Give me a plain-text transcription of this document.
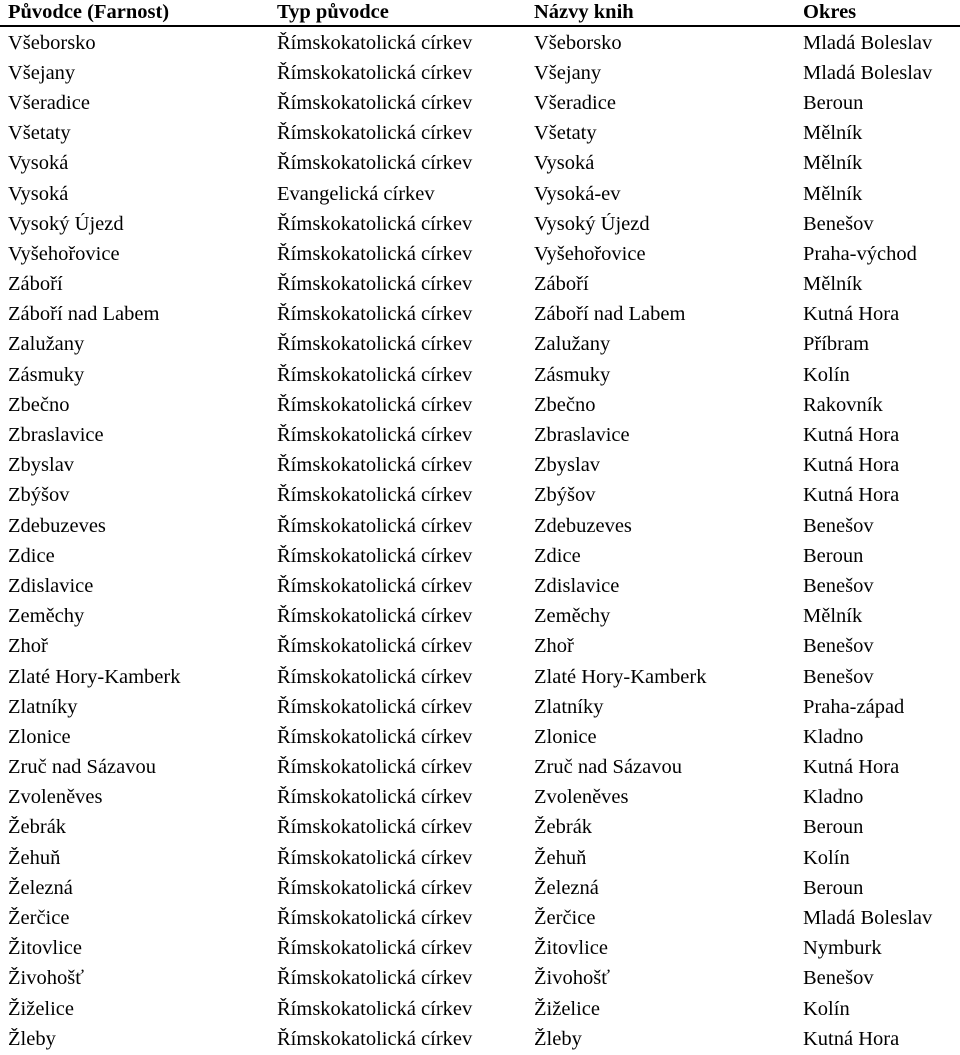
Původce (Farnost)	Typ původce	Názvy knih	Okres
Všeborsko	Římskokatolická církev	Všeborsko	Mladá Boleslav
Všejany	Římskokatolická církev	Všejany	Mladá Boleslav
Všeradice	Římskokatolická církev	Všeradice	Beroun
Všetaty	Římskokatolická církev	Všetaty	Mělník
Vysoká	Římskokatolická církev	Vysoká	Mělník
Vysoká	Evangelická církev	Vysoká-ev	Mělník
Vysoký Újezd	Římskokatolická církev	Vysoký Újezd	Benešov
Vyšehořovice	Římskokatolická církev	Vyšehořovice	Praha-východ
Záboří	Římskokatolická církev	Záboří	Mělník
Záboří nad Labem	Římskokatolická církev	Záboří nad Labem	Kutná Hora
Zalužany	Římskokatolická církev	Zalužany	Příbram
Zásmuky	Římskokatolická církev	Zásmuky	Kolín
Zbečno	Římskokatolická církev	Zbečno	Rakovník
Zbraslavice	Římskokatolická církev	Zbraslavice	Kutná Hora
Zbyslav	Římskokatolická církev	Zbyslav	Kutná Hora
Zbýšov	Římskokatolická církev	Zbýšov	Kutná Hora
Zdebuzeves	Římskokatolická církev	Zdebuzeves	Benešov
Zdice	Římskokatolická církev	Zdice	Beroun
Zdislavice	Římskokatolická církev	Zdislavice	Benešov
Zeměchy	Římskokatolická církev	Zeměchy	Mělník
Zhoř	Římskokatolická církev	Zhoř	Benešov
Zlaté Hory-Kamberk	Římskokatolická církev	Zlaté Hory-Kamberk	Benešov
Zlatníky	Římskokatolická církev	Zlatníky	Praha-západ
Zlonice	Římskokatolická církev	Zlonice	Kladno
Zruč nad Sázavou	Římskokatolická církev	Zruč nad Sázavou	Kutná Hora
Zvoleněves	Římskokatolická církev	Zvoleněves	Kladno
Žebrák	Římskokatolická církev	Žebrák	Beroun
Žehuň	Římskokatolická církev	Žehuň	Kolín
Železná	Římskokatolická církev	Železná	Beroun
Žerčice	Římskokatolická církev	Žerčice	Mladá Boleslav
Žitovlice	Římskokatolická církev	Žitovlice	Nymburk
Živohošť	Římskokatolická církev	Živohošť	Benešov
Žiželice	Římskokatolická církev	Žiželice	Kolín
Žleby	Římskokatolická církev	Žleby	Kutná Hora
